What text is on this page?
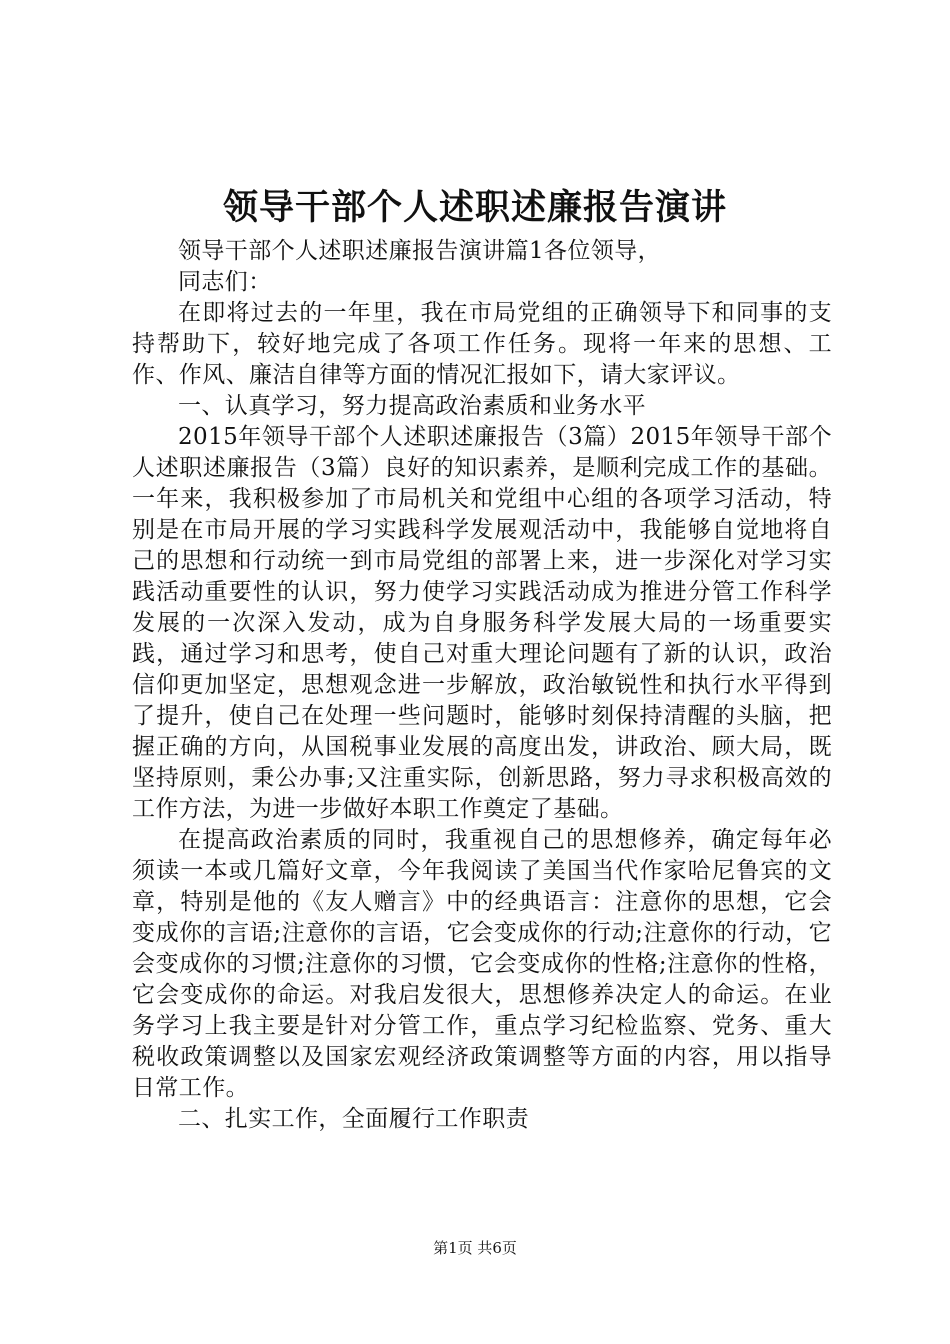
领导干部个人述职述廉报告演讲

领导干部个人述职述廉报告演讲篇1各位领导，

同志们：

在即将过去的一年里，我在市局党组的正确领导下和同事的支持帮助下，较好地完成了各项工作任务。现将一年来的思想、工作、作风、廉洁自律等方面的情况汇报如下，请大家评议。

一、认真学习，努力提高政治素质和业务水平

2015年领导干部个人述职述廉报告（3篇）2015年领导干部个人述职述廉报告（3篇）良好的知识素养，是顺利完成工作的基础。一年来，我积极参加了市局机关和党组中心组的各项学习活动，特别是在市局开展的学习实践科学发展观活动中，我能够自觉地将自己的思想和行动统一到市局党组的部署上来，进一步深化对学习实践活动重要性的认识，努力使学习实践活动成为推进分管工作科学发展的一次深入发动，成为自身服务科学发展大局的一场重要实践，通过学习和思考，使自己对重大理论问题有了新的认识，政治信仰更加坚定，思想观念进一步解放，政治敏锐性和执行水平得到了提升，使自己在处理一些问题时，能够时刻保持清醒的头脑，把握正确的方向，从国税事业发展的高度出发，讲政治、顾大局，既坚持原则，秉公办事;又注重实际，创新思路，努力寻求积极高效的工作方法，为进一步做好本职工作奠定了基础。

在提高政治素质的同时，我重视自己的思想修养，确定每年必须读一本或几篇好文章，今年我阅读了美国当代作家哈尼鲁宾的文章，特别是他的《友人赠言》中的经典语言：注意你的思想，它会变成你的言语;注意你的言语，它会变成你的行动;注意你的行动，它会变成你的习惯;注意你的习惯，它会变成你的性格;注意你的性格，它会变成你的命运。对我启发很大，思想修养决定人的命运。在业务学习上我主要是针对分管工作，重点学习纪检监察、党务、重大税收政策调整以及国家宏观经济政策调整等方面的内容，用以指导日常工作。

二、扎实工作，全面履行工作职责

第1页 共6页
